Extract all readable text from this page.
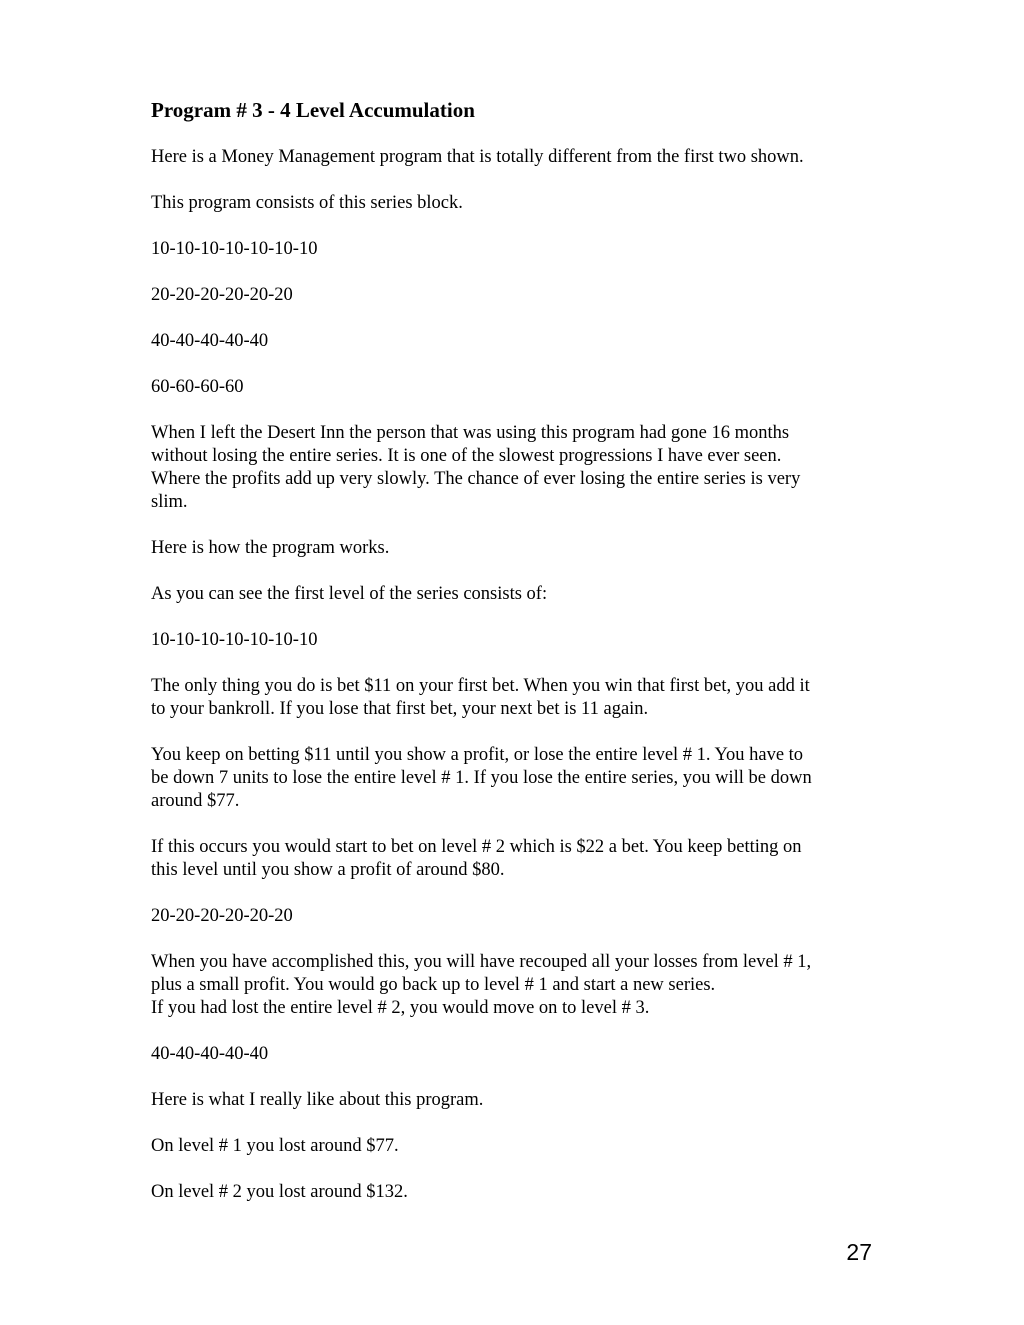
Program # 3 - 4 Level Accumulation
Here is a Money Management program that is totally different from the first two shown.
This program consists of this series block.
10-10-10-10-10-10-10
20-20-20-20-20-20
40-40-40-40-40
60-60-60-60
When I left the Desert Inn the person that was using this program had gone 16 months
without losing the entire series. It is one of the slowest progressions I have ever seen.
Where the profits add up very slowly. The chance of ever losing the entire series is very
slim.
Here is how the program works.
As you can see the first level of the series consists of:
10-10-10-10-10-10-10
The only thing you do is bet $11 on your first bet. When you win that first bet, you add it
to your bankroll. If you lose that first bet, your next bet is 11 again.
You keep on betting $11 until you show a profit, or lose the entire level # 1. You have to
be down 7 units to lose the entire level # 1. If you lose the entire series, you will be down
around $77.
If this occurs you would start to bet on level # 2 which is $22 a bet. You keep betting on
this level until you show a profit of around $80.
20-20-20-20-20-20
When you have accomplished this, you will have recouped all your losses from level # 1,
plus a small profit. You would go back up to level # 1 and start a new series.
If you had lost the entire level # 2, you would move on to level # 3.
40-40-40-40-40
Here is what I really like about this program.
On level # 1 you lost around $77.
On level # 2 you lost around $132.
27
